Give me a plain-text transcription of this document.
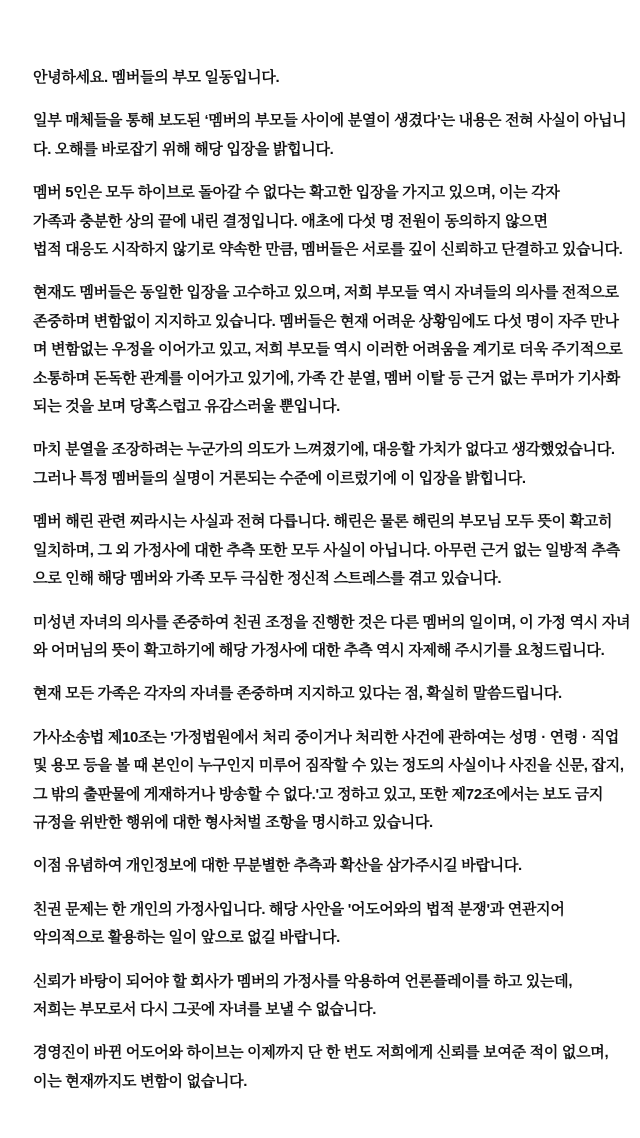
안녕하세요. 멤버들의 부모 일동입니다.

일부 매체들을 통해 보도된 ‘멤버의 부모들 사이에 분열이 생겼다’는 내용은 전혀 사실이 아닙니
다. 오해를 바로잡기 위해 해당 입장을 밝힙니다.

멤버 5인은 모두 하이브로 돌아갈 수 없다는 확고한 입장을 가지고 있으며, 이는 각자
가족과 충분한 상의 끝에 내린 결정입니다. 애초에 다섯 명 전원이 동의하지 않으면
법적 대응도 시작하지 않기로 약속한 만큼, 멤버들은 서로를 깊이 신뢰하고 단결하고 있습니다.

현재도 멤버들은 동일한 입장을 고수하고 있으며, 저희 부모들 역시 자녀들의 의사를 전적으로
존중하며 변함없이 지지하고 있습니다. 멤버들은 현재 어려운 상황임에도 다섯 명이 자주 만나
며 변함없는 우정을 이어가고 있고, 저희 부모들 역시 이러한 어려움을 계기로 더욱 주기적으로
소통하며 돈독한 관계를 이어가고 있기에, 가족 간 분열, 멤버 이탈 등 근거 없는 루머가 기사화
되는 것을 보며 당혹스럽고 유감스러울 뿐입니다.

마치 분열을 조장하려는 누군가의 의도가 느껴졌기에, 대응할 가치가 없다고 생각했었습니다.
그러나 특정 멤버들의 실명이 거론되는 수준에 이르렀기에 이 입장을 밝힙니다.

멤버 해린 관련 찌라시는 사실과 전혀 다릅니다. 해린은 물론 해린의 부모님 모두 뜻이 확고히
일치하며, 그 외 가정사에 대한 추측 또한 모두 사실이 아닙니다. 아무런 근거 없는 일방적 추측
으로 인해 해당 멤버와 가족 모두 극심한 정신적 스트레스를 겪고 있습니다.

미성년 자녀의 의사를 존중하여 친권 조정을 진행한 것은 다른 멤버의 일이며, 이 가정 역시 자녀
와 어머님의 뜻이 확고하기에 해당 가정사에 대한 추측 역시 자제해 주시기를 요청드립니다.

현재 모든 가족은 각자의 자녀를 존중하며 지지하고 있다는 점, 확실히 말씀드립니다.

가사소송법 제10조는 '가정법원에서 처리 중이거나 처리한 사건에 관하여는 성명 · 연령 · 직업
및 용모 등을 볼 때 본인이 누구인지 미루어 짐작할 수 있는 정도의 사실이나 사진을 신문, 잡지,
그 밖의 출판물에 게재하거나 방송할 수 없다.'고 정하고 있고, 또한 제72조에서는 보도 금지
규정을 위반한 행위에 대한 형사처벌 조항을 명시하고 있습니다.

이점 유념하여 개인정보에 대한 무분별한 추측과 확산을 삼가주시길 바랍니다.

친권 문제는 한 개인의 가정사입니다. 해당 사안을 '어도어와의 법적 분쟁'과 연관지어
악의적으로 활용하는 일이 앞으로 없길 바랍니다.

신뢰가 바탕이 되어야 할 회사가 멤버의 가정사를 악용하여 언론플레이를 하고 있는데,
저희는 부모로서 다시 그곳에 자녀를 보낼 수 없습니다.

경영진이 바뀐 어도어와 하이브는 이제까지 단 한 번도 저희에게 신뢰를 보여준 적이 없으며,
이는 현재까지도 변함이 없습니다.
